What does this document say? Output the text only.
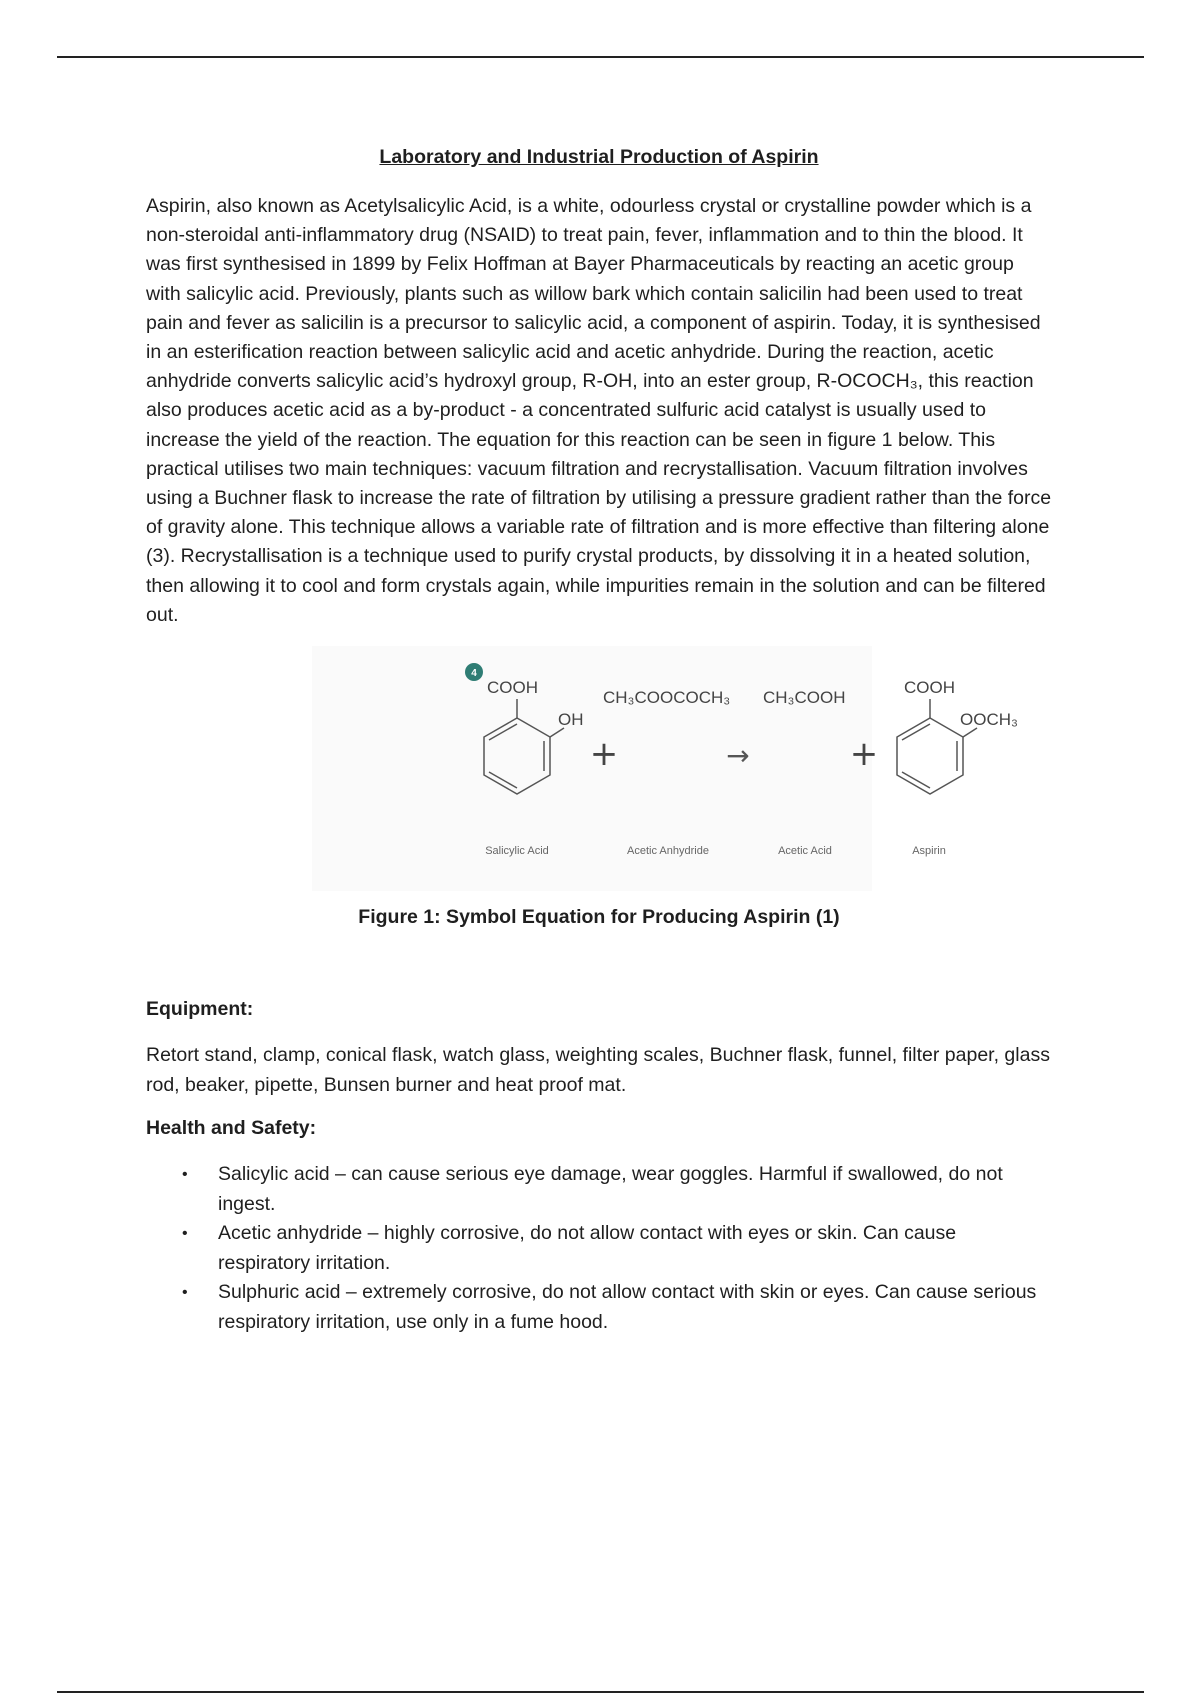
Laboratory and Industrial Production of Aspirin

Aspirin, also known as Acetylsalicylic Acid, is a white, odourless crystal or crystalline powder which is a non-steroidal anti-inflammatory drug (NSAID) to treat pain, fever, inflammation and to thin the blood. It was first synthesised in 1899 by Felix Hoffman at Bayer Pharmaceuticals by reacting an acetic group with salicylic acid. Previously, plants such as willow bark which contain salicilin had been used to treat pain and fever as salicilin is a precursor to salicylic acid, a component of aspirin. Today, it is synthesised in an esterification reaction between salicylic acid and acetic anhydride. During the reaction, acetic anhydride converts salicylic acid’s hydroxyl group, R-OH, into an ester group, R-OCOCH₃, this reaction also produces acetic acid as a by-product - a concentrated sulfuric acid catalyst is usually used to increase the yield of the reaction. The equation for this reaction can be seen in figure 1 below. This practical utilises two main techniques: vacuum filtration and recrystallisation. Vacuum filtration involves using a Buchner flask to increase the rate of filtration by utilising a pressure gradient rather than the force of gravity alone. This technique allows a variable rate of filtration and is more effective than filtering alone (3). Recrystallisation is a technique used to purify crystal products, by dissolving it in a heated solution, then allowing it to cool and form crystals again, while impurities remain in the solution and can be filtered out.

4
COOH
OH
+
CH₃COOCOCH₃ CH₃COOH
→	+
COOH
OOCH₃
Salicylic Acid	Acetic Anhydride	Acetic Acid	Aspirin

Figure 1: Symbol Equation for Producing Aspirin (1)

Equipment:

Retort stand, clamp, conical flask, watch glass, weighting scales, Buchner flask, funnel, filter paper, glass rod, beaker, pipette, Bunsen burner and heat proof mat.

Health and Safety:
• Salicylic acid – can cause serious eye damage, wear goggles. Harmful if swallowed, do not ingest.
• Acetic anhydride – highly corrosive, do not allow contact with eyes or skin. Can cause respiratory irritation.
• Sulphuric acid – extremely corrosive, do not allow contact with skin or eyes. Can cause serious respiratory irritation, use only in a fume hood.
